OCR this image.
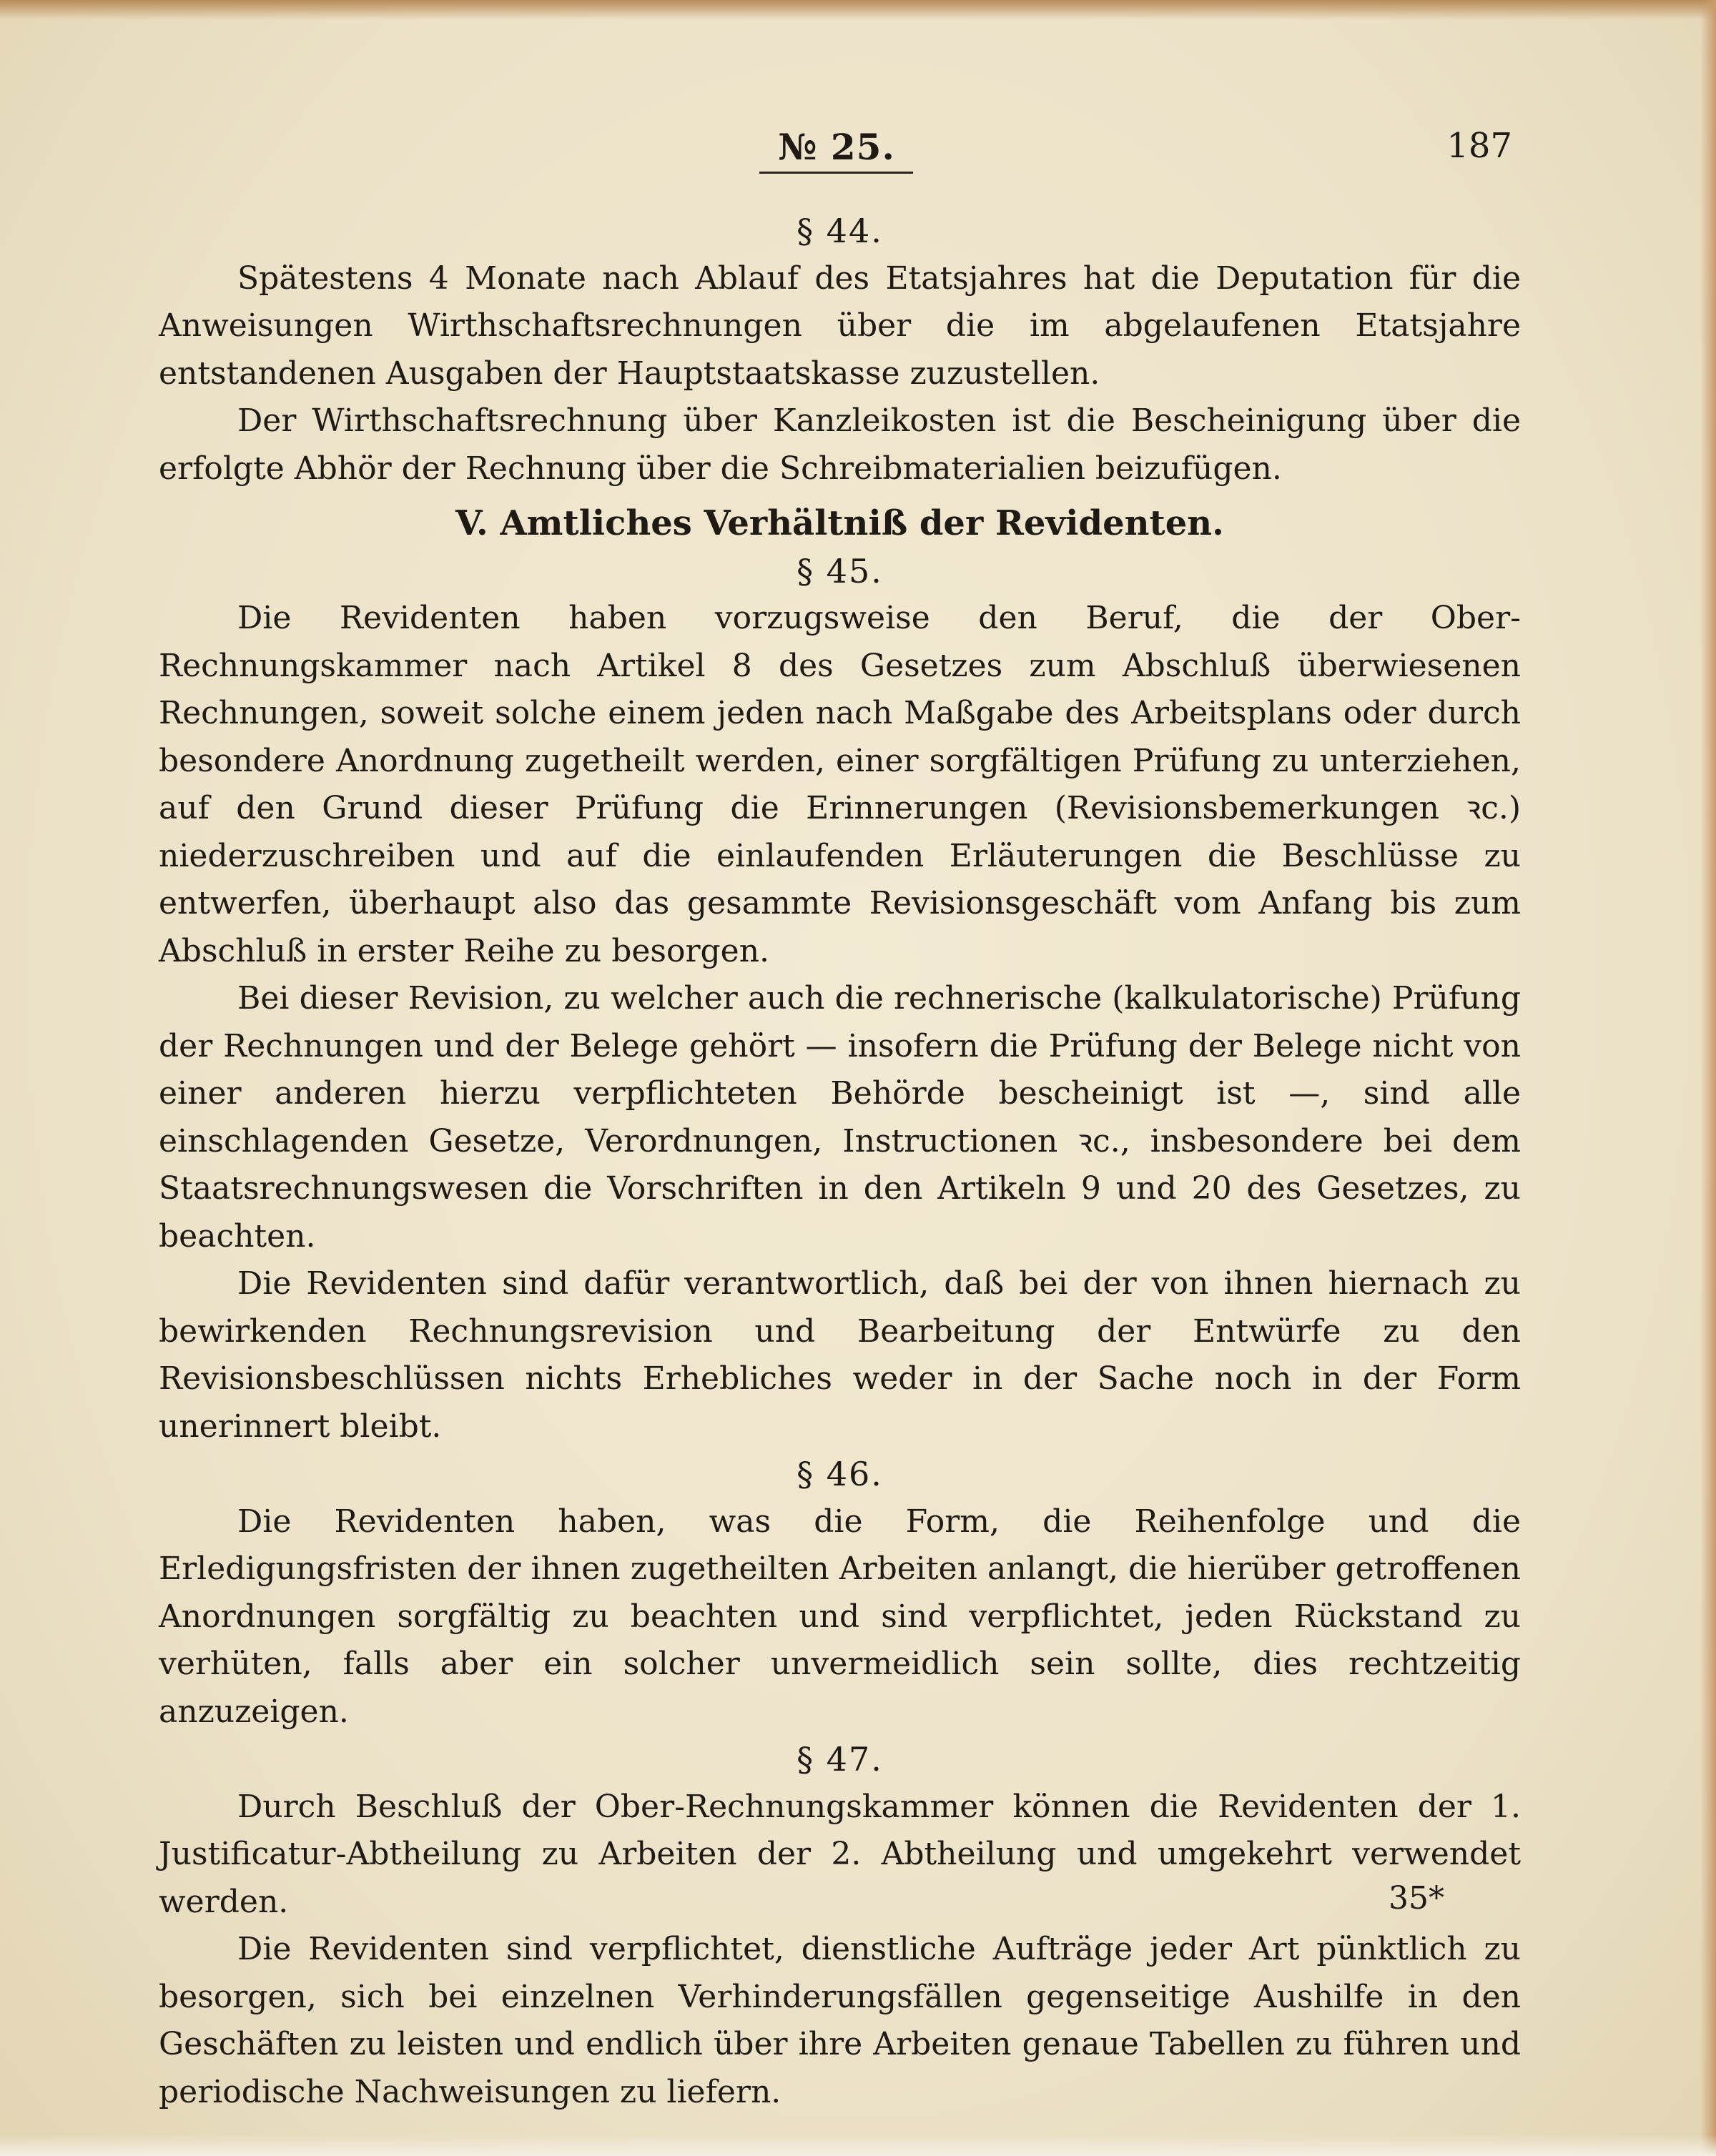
№ 25.	187

§ 44.

Spätestens 4 Monate nach Ablauf des Etatsjahres hat die Deputation für die Anweisungen Wirthschaftsrechnungen über die im abgelaufenen Etatsjahre entstandenen Ausgaben der Hauptstaatskasse zuzustellen.

Der Wirthschaftsrechnung über Kanzleikosten ist die Bescheinigung über die erfolgte Abhör der Rechnung über die Schreibmaterialien beizufügen.

V. Amtliches Verhältniß der Revidenten.

§ 45.

Die Revidenten haben vorzugsweise den Beruf, die der Ober-Rechnungskammer nach Artikel 8 des Gesetzes zum Abschluß überwiesenen Rechnungen, soweit solche einem jeden nach Maßgabe des Arbeitsplans oder durch besondere Anordnung zugetheilt werden, einer sorgfältigen Prüfung zu unterziehen, auf den Grund dieser Prüfung die Erinnerungen (Revisionsbemerkungen ꝛc.) niederzuschreiben und auf die einlaufenden Erläuterungen die Beschlüsse zu entwerfen, überhaupt also das gesammte Revisionsgeschäft vom Anfang bis zum Abschluß in erster Reihe zu besorgen.

Bei dieser Revision, zu welcher auch die rechnerische (kalkulatorische) Prüfung der Rechnungen und der Belege gehört — insofern die Prüfung der Belege nicht von einer anderen hierzu verpflichteten Behörde bescheinigt ist —, sind alle einschlagenden Gesetze, Verordnungen, Instructionen ꝛc., insbesondere bei dem Staatsrechnungswesen die Vorschriften in den Artikeln 9 und 20 des Gesetzes, zu beachten.

Die Revidenten sind dafür verantwortlich, daß bei der von ihnen hiernach zu bewirkenden Rechnungsrevision und Bearbeitung der Entwürfe zu den Revisionsbeschlüssen nichts Erhebliches weder in der Sache noch in der Form unerinnert bleibt.

§ 46.

Die Revidenten haben, was die Form, die Reihenfolge und die Erledigungsfristen der ihnen zugetheilten Arbeiten anlangt, die hierüber getroffenen Anordnungen sorgfältig zu beachten und sind verpflichtet, jeden Rückstand zu verhüten, falls aber ein solcher unvermeidlich sein sollte, dies rechtzeitig anzuzeigen.

§ 47.

Durch Beschluß der Ober-Rechnungskammer können die Revidenten der 1. Justificatur-Abtheilung zu Arbeiten der 2. Abtheilung und umgekehrt verwendet werden.

Die Revidenten sind verpflichtet, dienstliche Aufträge jeder Art pünktlich zu besorgen, sich bei einzelnen Verhinderungsfällen gegenseitige Aushilfe in den Geschäften zu leisten und endlich über ihre Arbeiten genaue Tabellen zu führen und periodische Nachweisungen zu liefern.

35*
